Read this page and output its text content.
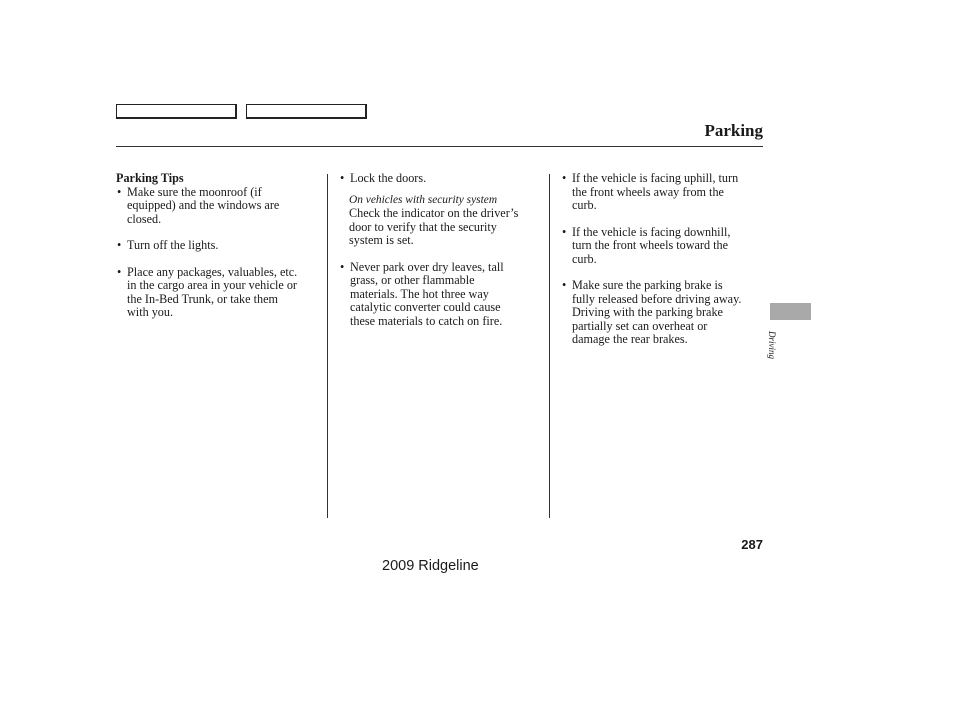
Parking
Parking Tips
• Make sure the moonroof (if
equipped) and the windows are
closed.
• Turn off the lights.
• Place any packages, valuables, etc.
in the cargo area in your vehicle or
the In-Bed Trunk, or take them
with you.
• Lock the doors.
On vehicles with security system
Check the indicator on the driver’s
door to verify that the security
system is set.
• Never park over dry leaves, tall
grass, or other flammable
materials. The hot three way
catalytic converter could cause
these materials to catch on fire.
• If the vehicle is facing uphill, turn
the front wheels away from the
curb.
• If the vehicle is facing downhill,
turn the front wheels toward the
curb.
• Make sure the parking brake is
fully released before driving away.
Driving with the parking brake
partially set can overheat or
damage the rear brakes.	Driving
287
2009 Ridgeline
